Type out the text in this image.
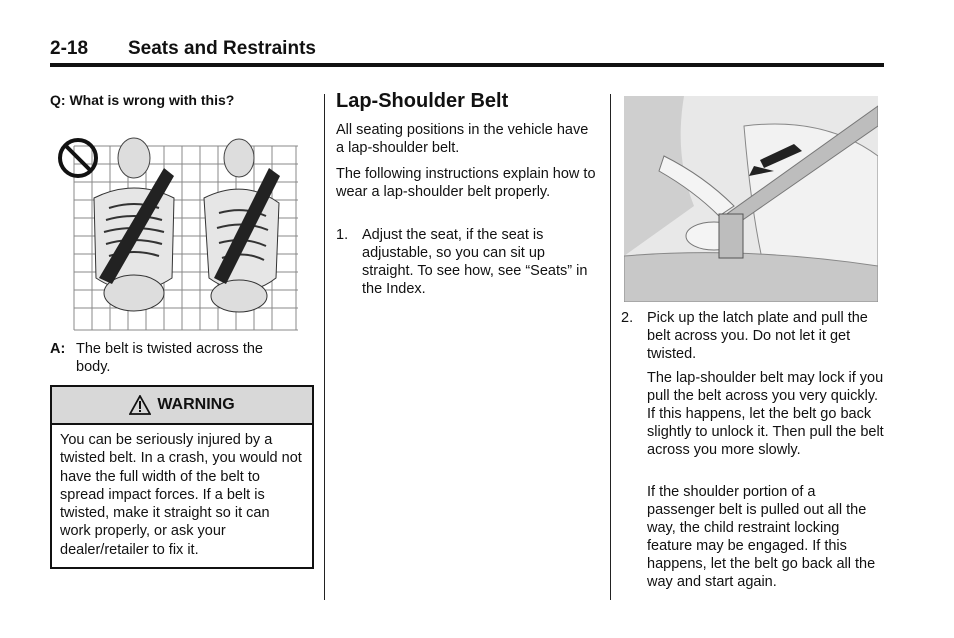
2-18 Seats and Restraints
Q: What is wrong with this?
A: The belt is twisted across the body.
WARNING
You can be seriously injured by a twisted belt. In a crash, you would not have the full width of the belt to spread impact forces. If a belt is twisted, make it straight so it can work properly, or ask your dealer/retailer to fix it.
Lap-Shoulder Belt
All seating positions in the vehicle have a lap-shoulder belt.
The following instructions explain how to wear a lap-shoulder belt properly.
1. Adjust the seat, if the seat is adjustable, so you can sit up straight. To see how, see “Seats” in the Index.
2. Pick up the latch plate and pull the belt across you. Do not let it get twisted.
The lap-shoulder belt may lock if you pull the belt across you very quickly. If this happens, let the belt go back slightly to unlock it. Then pull the belt across you more slowly.
If the shoulder portion of a passenger belt is pulled out all the way, the child restraint locking feature may be engaged. If this happens, let the belt go back all the way and start again.
